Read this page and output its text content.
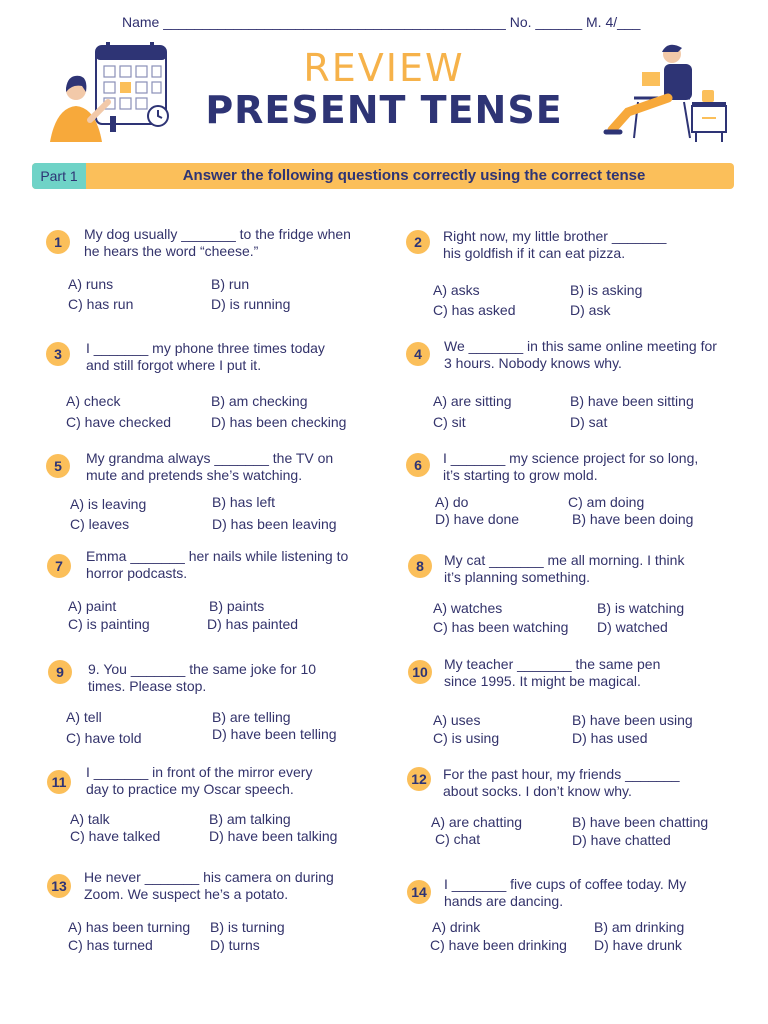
Name ____________________________________________ No. ______ M. 4/___
REVIEW
PRESENT TENSE
Part 1	Answer the following questions correctly using the correct tense
1	My dog usually _______ to the fridge when
he hears the word “cheese.”
A) runs	B) run
C) has run	D) is running
3	I _______ my phone three times today
and still forgot where I put it.
A) check	B) am checking
C) have checked	D) has been checking
5	My grandma always _______ the TV on
mute and pretends she’s watching.
A) is leaving	B) has left
C) leaves	D) has been leaving
7
Emma _______ her nails while listening to
horror podcasts.
A) paint	B) paints
C) is painting	D) has painted
9	9. You _______ the same joke for 10
times. Please stop.
A) tell	B) are telling
C) have told	D) have been telling
11
I _______ in front of the mirror every
day to practice my Oscar speech.
A) talk	B) am talking
C) have talked	D) have been talking
13
He never _______ his camera on during
Zoom. We suspect he’s a potato.
A) has been turning B) is turning
C) has turned	D) turns
2	Right now, my little brother _______
his goldfish if it can eat pizza.
A) asks	B) is asking
C) has asked	D) ask
4	We _______ in this same online meeting for
3 hours. Nobody knows why.
A) are sitting	B) have been sitting
C) sit	D) sat
6	I _______ my science project for so long,
it’s starting to grow mold.
A) do	C) am doing
D) have done	B) have been doing
8	My cat _______ me all morning. I think
it’s planning something.
A) watches	B) is watching
C) has been watching D) watched
10	My teacher _______ the same pen
since 1995. It might be magical.
A) uses	B) have been using
C) is using	D) has used
12	For the past hour, my friends _______
about socks. I don’t know why.
A) are chatting	B) have been chatting
C) chat	D) have chatted
14	I _______ five cups of coffee today. My
hands are dancing.
A) drink	B) am drinking
C) have been drinking D) have drunk
